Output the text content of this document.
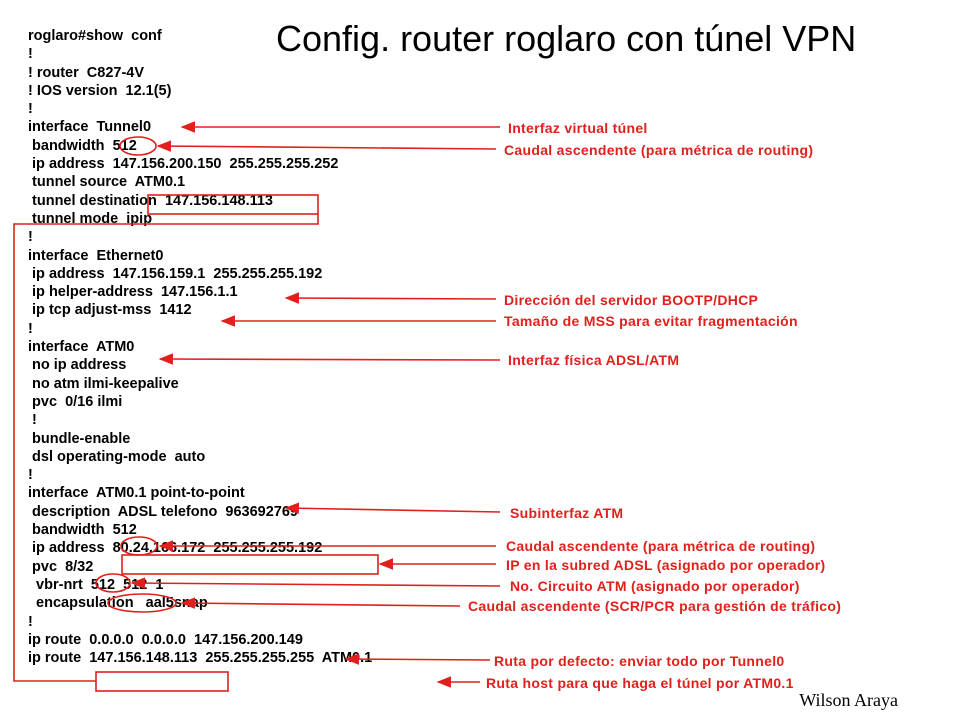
Config. router roglaro con túnel VPN
roglaro#show  conf
!
! router  C827-4V
! IOS version  12.1(5)
!
interface  Tunnel0
bandwidth  512
ip address  147.156.200.150  255.255.255.252
tunnel source  ATM0.1
tunnel destination  147.156.148.113
tunnel mode  ipip
!
interface  Ethernet0
ip address  147.156.159.1  255.255.255.192
ip helper-address  147.156.1.1
ip tcp adjust-mss  1412
!
interface  ATM0
no ip address
no atm ilmi-keepalive
pvc  0/16 ilmi
!
bundle-enable
dsl operating-mode  auto
!
interface  ATM0.1 point-to-point
description  ADSL telefono  963692769
bandwidth  512
ip address  80.24.166.172  255.255.255.192
pvc  8/32
vbr-nrt  512  512  1
encapsulation   aal5snap
!
ip route  0.0.0.0  0.0.0.0  147.156.200.149
ip route  147.156.148.113  255.255.255.255  ATM0.1
Interfaz virtual túnel
Caudal ascendente (para métrica de routing)
Dirección del servidor BOOTP/DHCP
Tamaño de MSS para evitar fragmentación
Interfaz física ADSL/ATM
Subinterfaz ATM
Caudal ascendente (para métrica de routing)
IP en la subred ADSL (asignado por operador)
No. Circuito ATM (asignado por operador)
Caudal ascendente (SCR/PCR para gestión de tráfico)
Ruta por defecto: enviar todo por Tunnel0
Ruta host para que haga el túnel por ATM0.1
Wilson Araya
